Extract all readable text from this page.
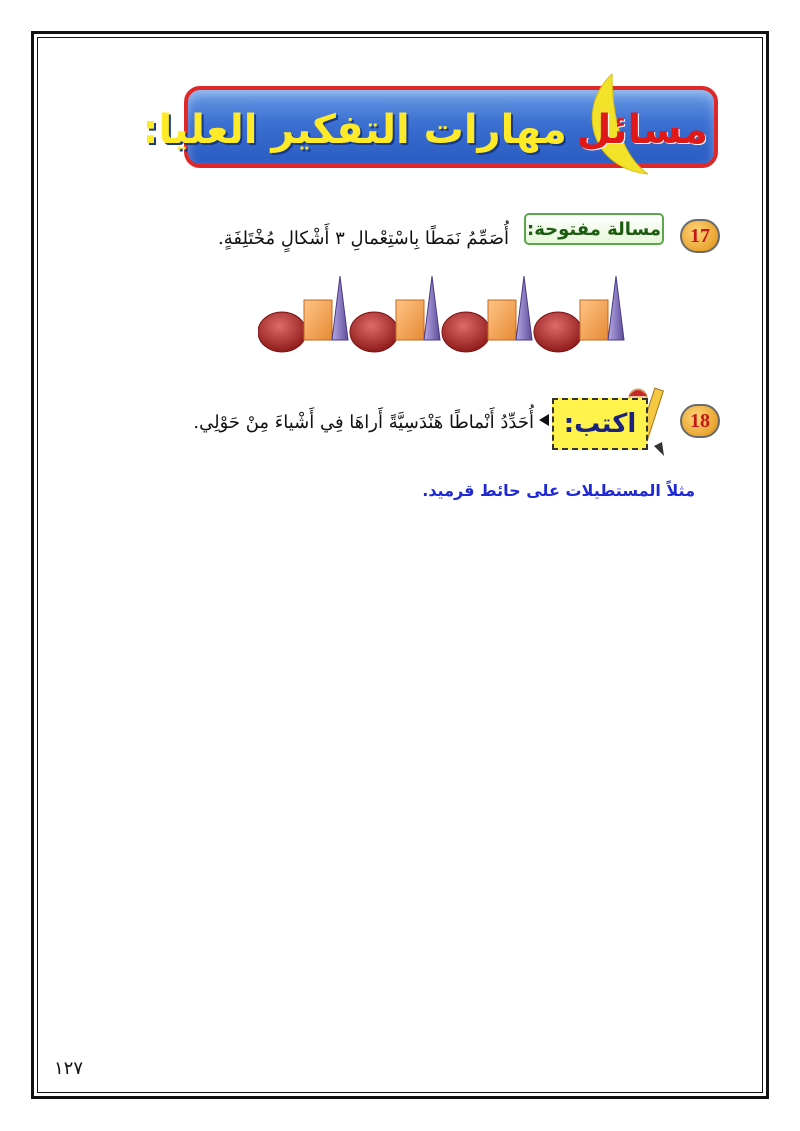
مسائل
مهارات التفكير العليا:
17
مسالة مفتوحة:
أُصَمِّمُ نَمَطًا بِاسْتِعْمالِ ٣ أَشْكالٍ مُخْتَلِفَةٍ.
18
اكتب:
أُحَدِّدُ أَنْماطًا هَنْدَسِيَّةً أَراهَا فِي أَشْياءَ مِنْ حَوْلِي.
مثلاً المستطيلات على حائط قرميد.
١٢٧
